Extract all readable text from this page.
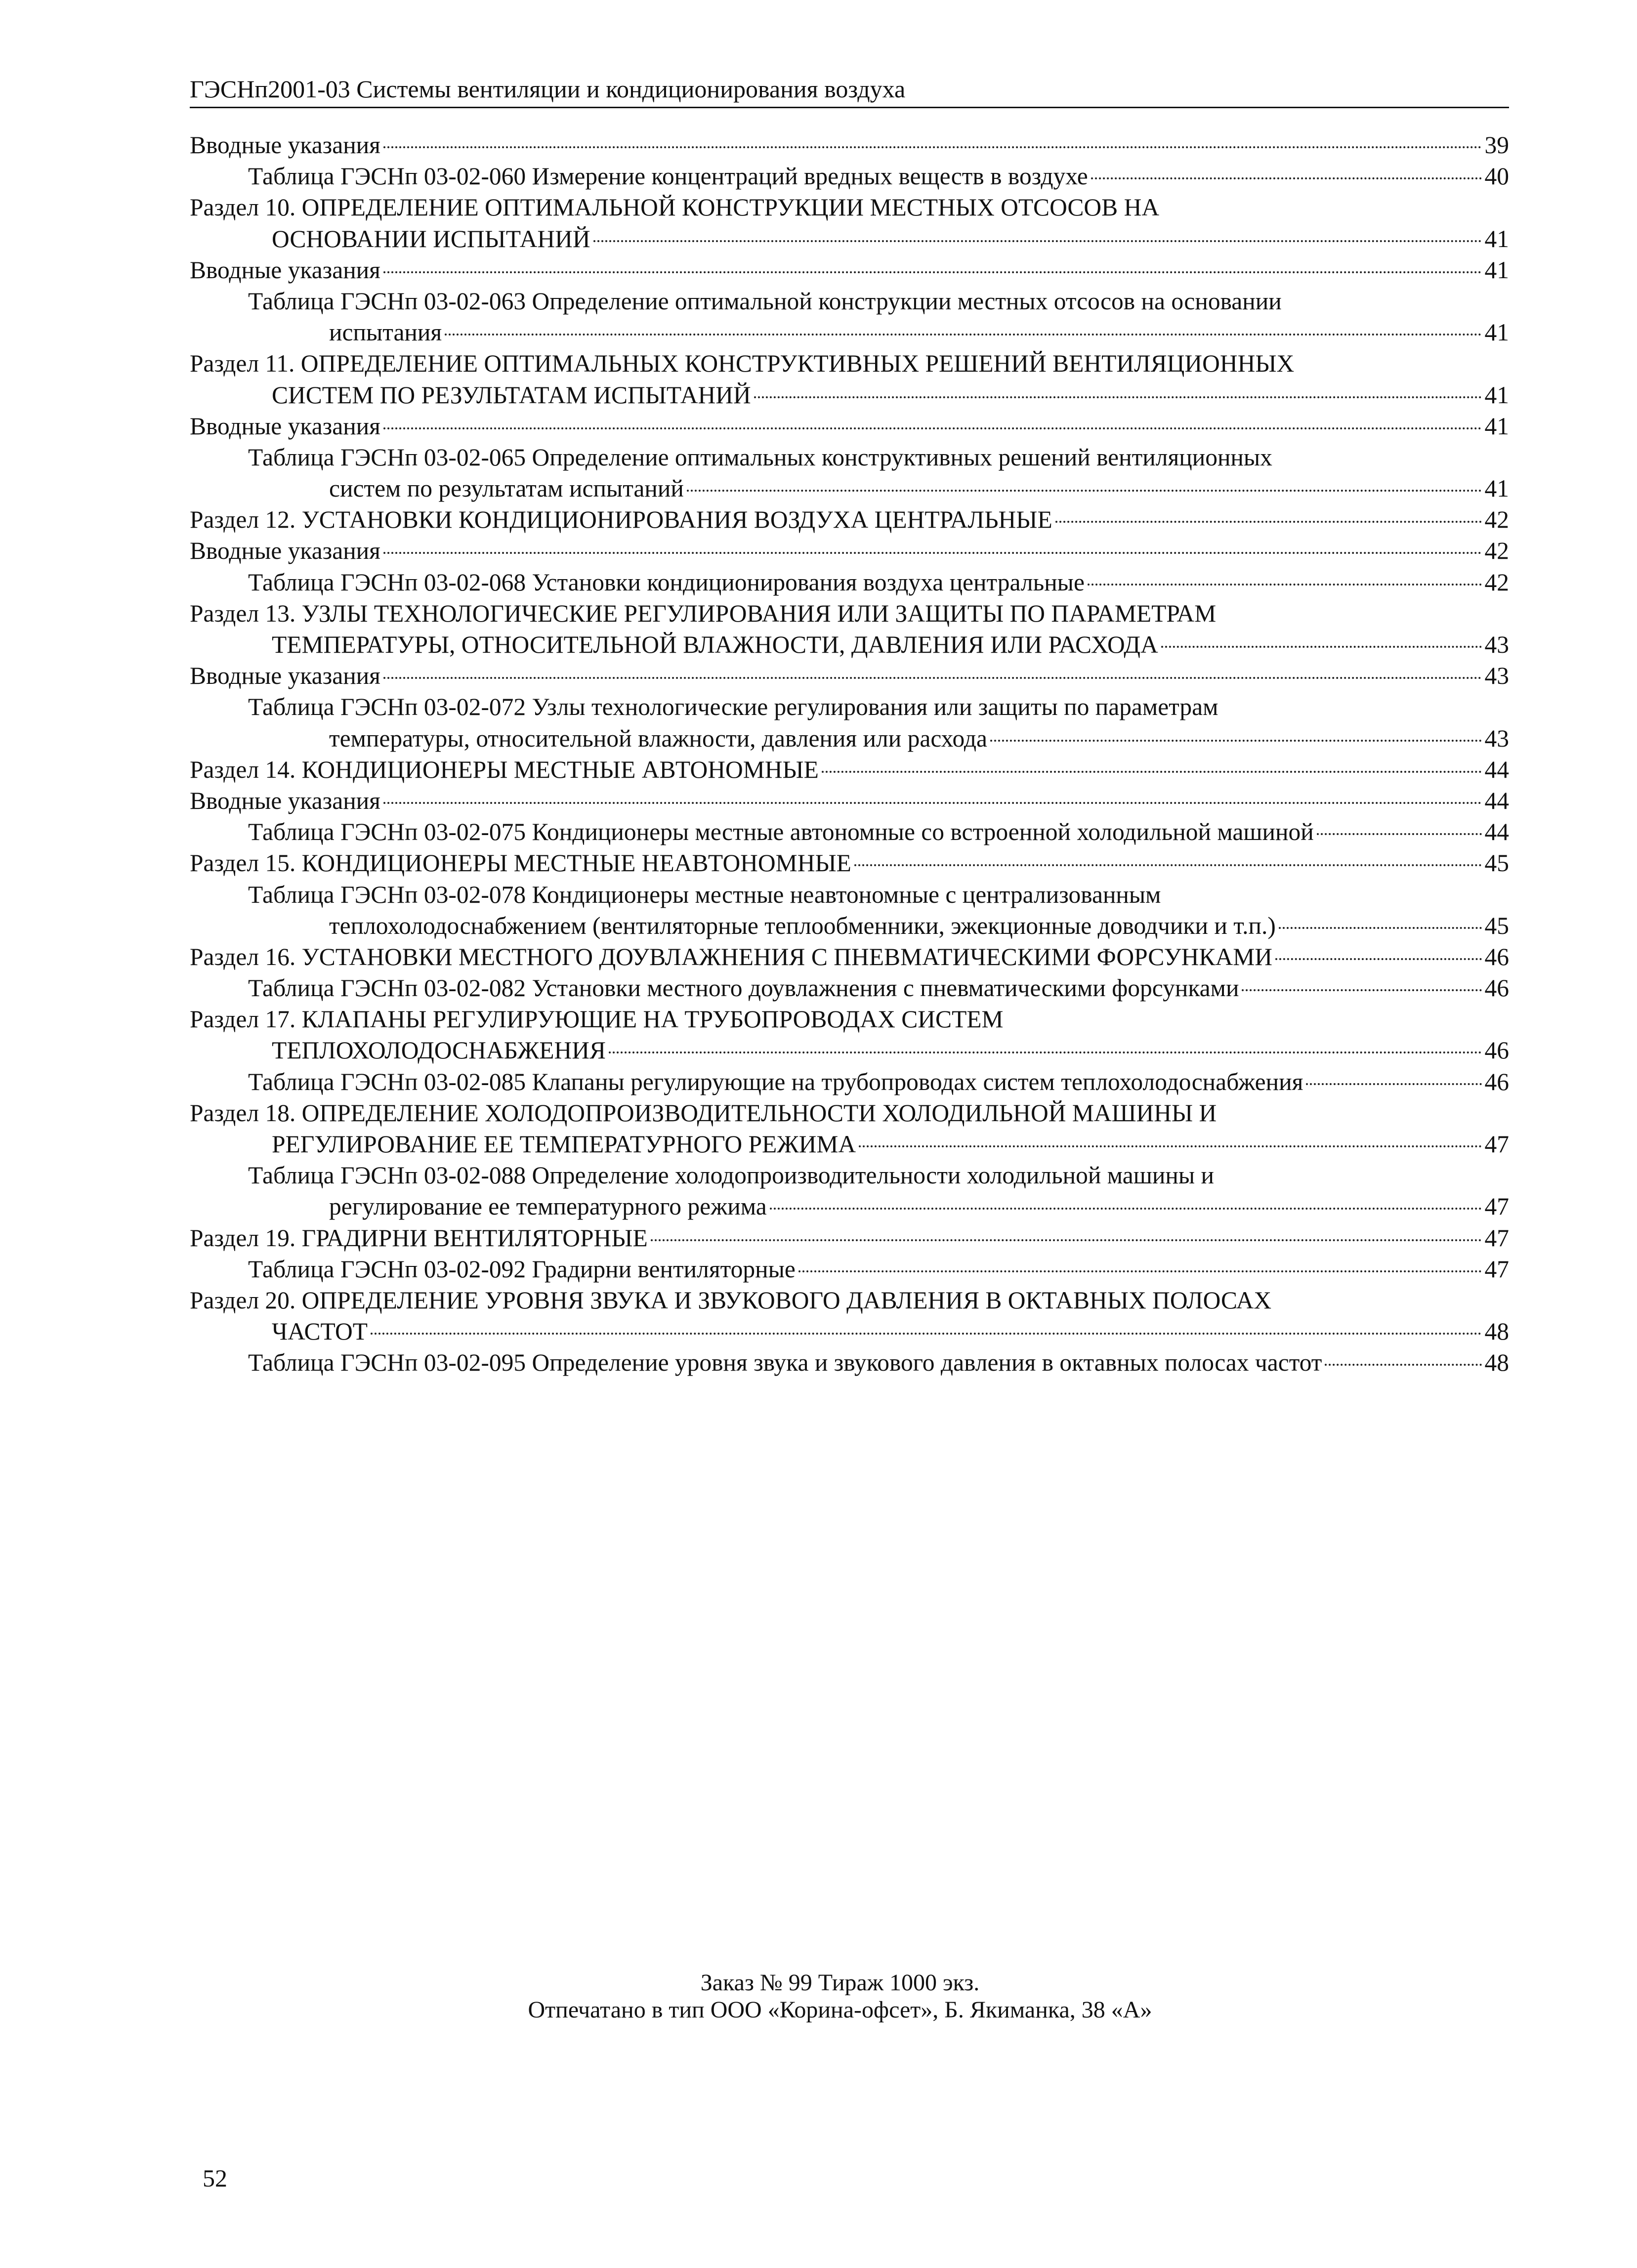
ГЭСНп2001-03 Системы вентиляции и кондиционирования воздуха
Вводные указания	39
Таблица ГЭСНп 03-02-060 Измерение концентраций вредных веществ в воздухе	40
Раздел 10. ОПРЕДЕЛЕНИЕ ОПТИМАЛЬНОЙ КОНСТРУКЦИИ МЕСТНЫХ ОТСОСОВ НА
ОСНОВАНИИ ИСПЫТАНИЙ	41
Вводные указания	41
Таблица ГЭСНп 03-02-063 Определение оптимальной конструкции местных отсосов на основании
испытания	41
Раздел 11. ОПРЕДЕЛЕНИЕ ОПТИМАЛЬНЫХ КОНСТРУКТИВНЫХ РЕШЕНИЙ ВЕНТИЛЯЦИОННЫХ
СИСТЕМ ПО РЕЗУЛЬТАТАМ ИСПЫТАНИЙ	41
Вводные указания	41
Таблица ГЭСНп 03-02-065 Определение оптимальных конструктивных решений вентиляционных
систем по результатам испытаний	41
Раздел 12. УСТАНОВКИ КОНДИЦИОНИРОВАНИЯ ВОЗДУХА ЦЕНТРАЛЬНЫЕ	42
Вводные указания	42
Таблица ГЭСНп 03-02-068 Установки кондиционирования воздуха центральные	42
Раздел 13. УЗЛЫ ТЕХНОЛОГИЧЕСКИЕ РЕГУЛИРОВАНИЯ ИЛИ ЗАЩИТЫ ПО ПАРАМЕТРАМ
ТЕМПЕРАТУРЫ, ОТНОСИТЕЛЬНОЙ ВЛАЖНОСТИ, ДАВЛЕНИЯ ИЛИ РАСХОДА	43
Вводные указания	43
Таблица ГЭСНп 03-02-072 Узлы технологические регулирования или защиты по параметрам
температуры, относительной влажности, давления или расхода	43
Раздел 14. КОНДИЦИОНЕРЫ МЕСТНЫЕ АВТОНОМНЫЕ	44
Вводные указания	44
Таблица ГЭСНп 03-02-075 Кондиционеры местные автономные со встроенной холодильной машиной	44
Раздел 15. КОНДИЦИОНЕРЫ МЕСТНЫЕ НЕАВТОНОМНЫЕ	45
Таблица ГЭСНп 03-02-078 Кондиционеры местные неавтономные с централизованным
теплохолодоснабжением (вентиляторные теплообменники, эжекционные доводчики и т.п.)	45
Раздел 16. УСТАНОВКИ МЕСТНОГО ДОУВЛАЖНЕНИЯ С ПНЕВМАТИЧЕСКИМИ ФОРСУНКАМИ	46
Таблица ГЭСНп 03-02-082 Установки местного доувлажнения с пневматическими форсунками	46
Раздел 17. КЛАПАНЫ РЕГУЛИРУЮЩИЕ НА ТРУБОПРОВОДАХ СИСТЕМ
ТЕПЛОХОЛОДОСНАБЖЕНИЯ	46
Таблица ГЭСНп 03-02-085 Клапаны регулирующие на трубопроводах систем теплохолодоснабжения	46
Раздел 18. ОПРЕДЕЛЕНИЕ ХОЛОДОПРОИЗВОДИТЕЛЬНОСТИ ХОЛОДИЛЬНОЙ МАШИНЫ И
РЕГУЛИРОВАНИЕ ЕЕ ТЕМПЕРАТУРНОГО РЕЖИМА	47
Таблица ГЭСНп 03-02-088 Определение холодопроизводительности холодильной машины и
регулирование ее температурного режима	47
Раздел 19. ГРАДИРНИ ВЕНТИЛЯТОРНЫЕ	47
Таблица ГЭСНп 03-02-092 Градирни вентиляторные	47
Раздел 20. ОПРЕДЕЛЕНИЕ УРОВНЯ ЗВУКА И ЗВУКОВОГО ДАВЛЕНИЯ В ОКТАВНЫХ ПОЛОСАХ
ЧАСТОТ	48
Таблица ГЭСНп 03-02-095 Определение уровня звука и звукового давления в октавных полосах частот	48
Заказ № 99 Тираж 1000 экз.
Отпечатано в тип ООО «Корина-офсет», Б. Якиманка, 38 «А»
52
